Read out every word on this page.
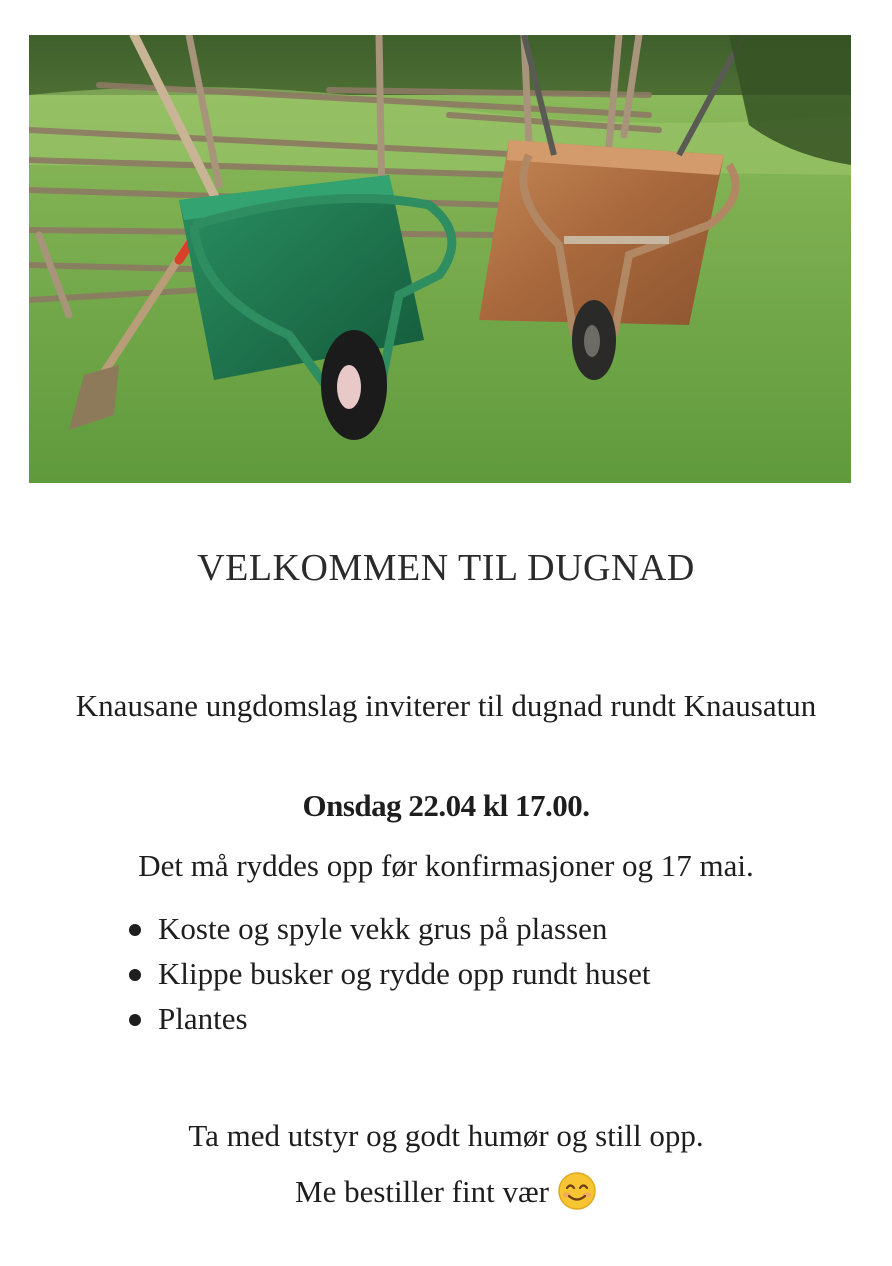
VELKOMMEN TIL DUGNAD
Knausane ungdomslag inviterer til dugnad rundt Knausatun
Onsdag 22.04 kl 17.00.
Det må ryddes opp før konfirmasjoner og 17 mai.
Koste og spyle vekk grus på plassen
Klippe busker og rydde opp rundt huset
Plantes
Ta med utstyr og godt humør og still opp.
Me bestiller fint vær
